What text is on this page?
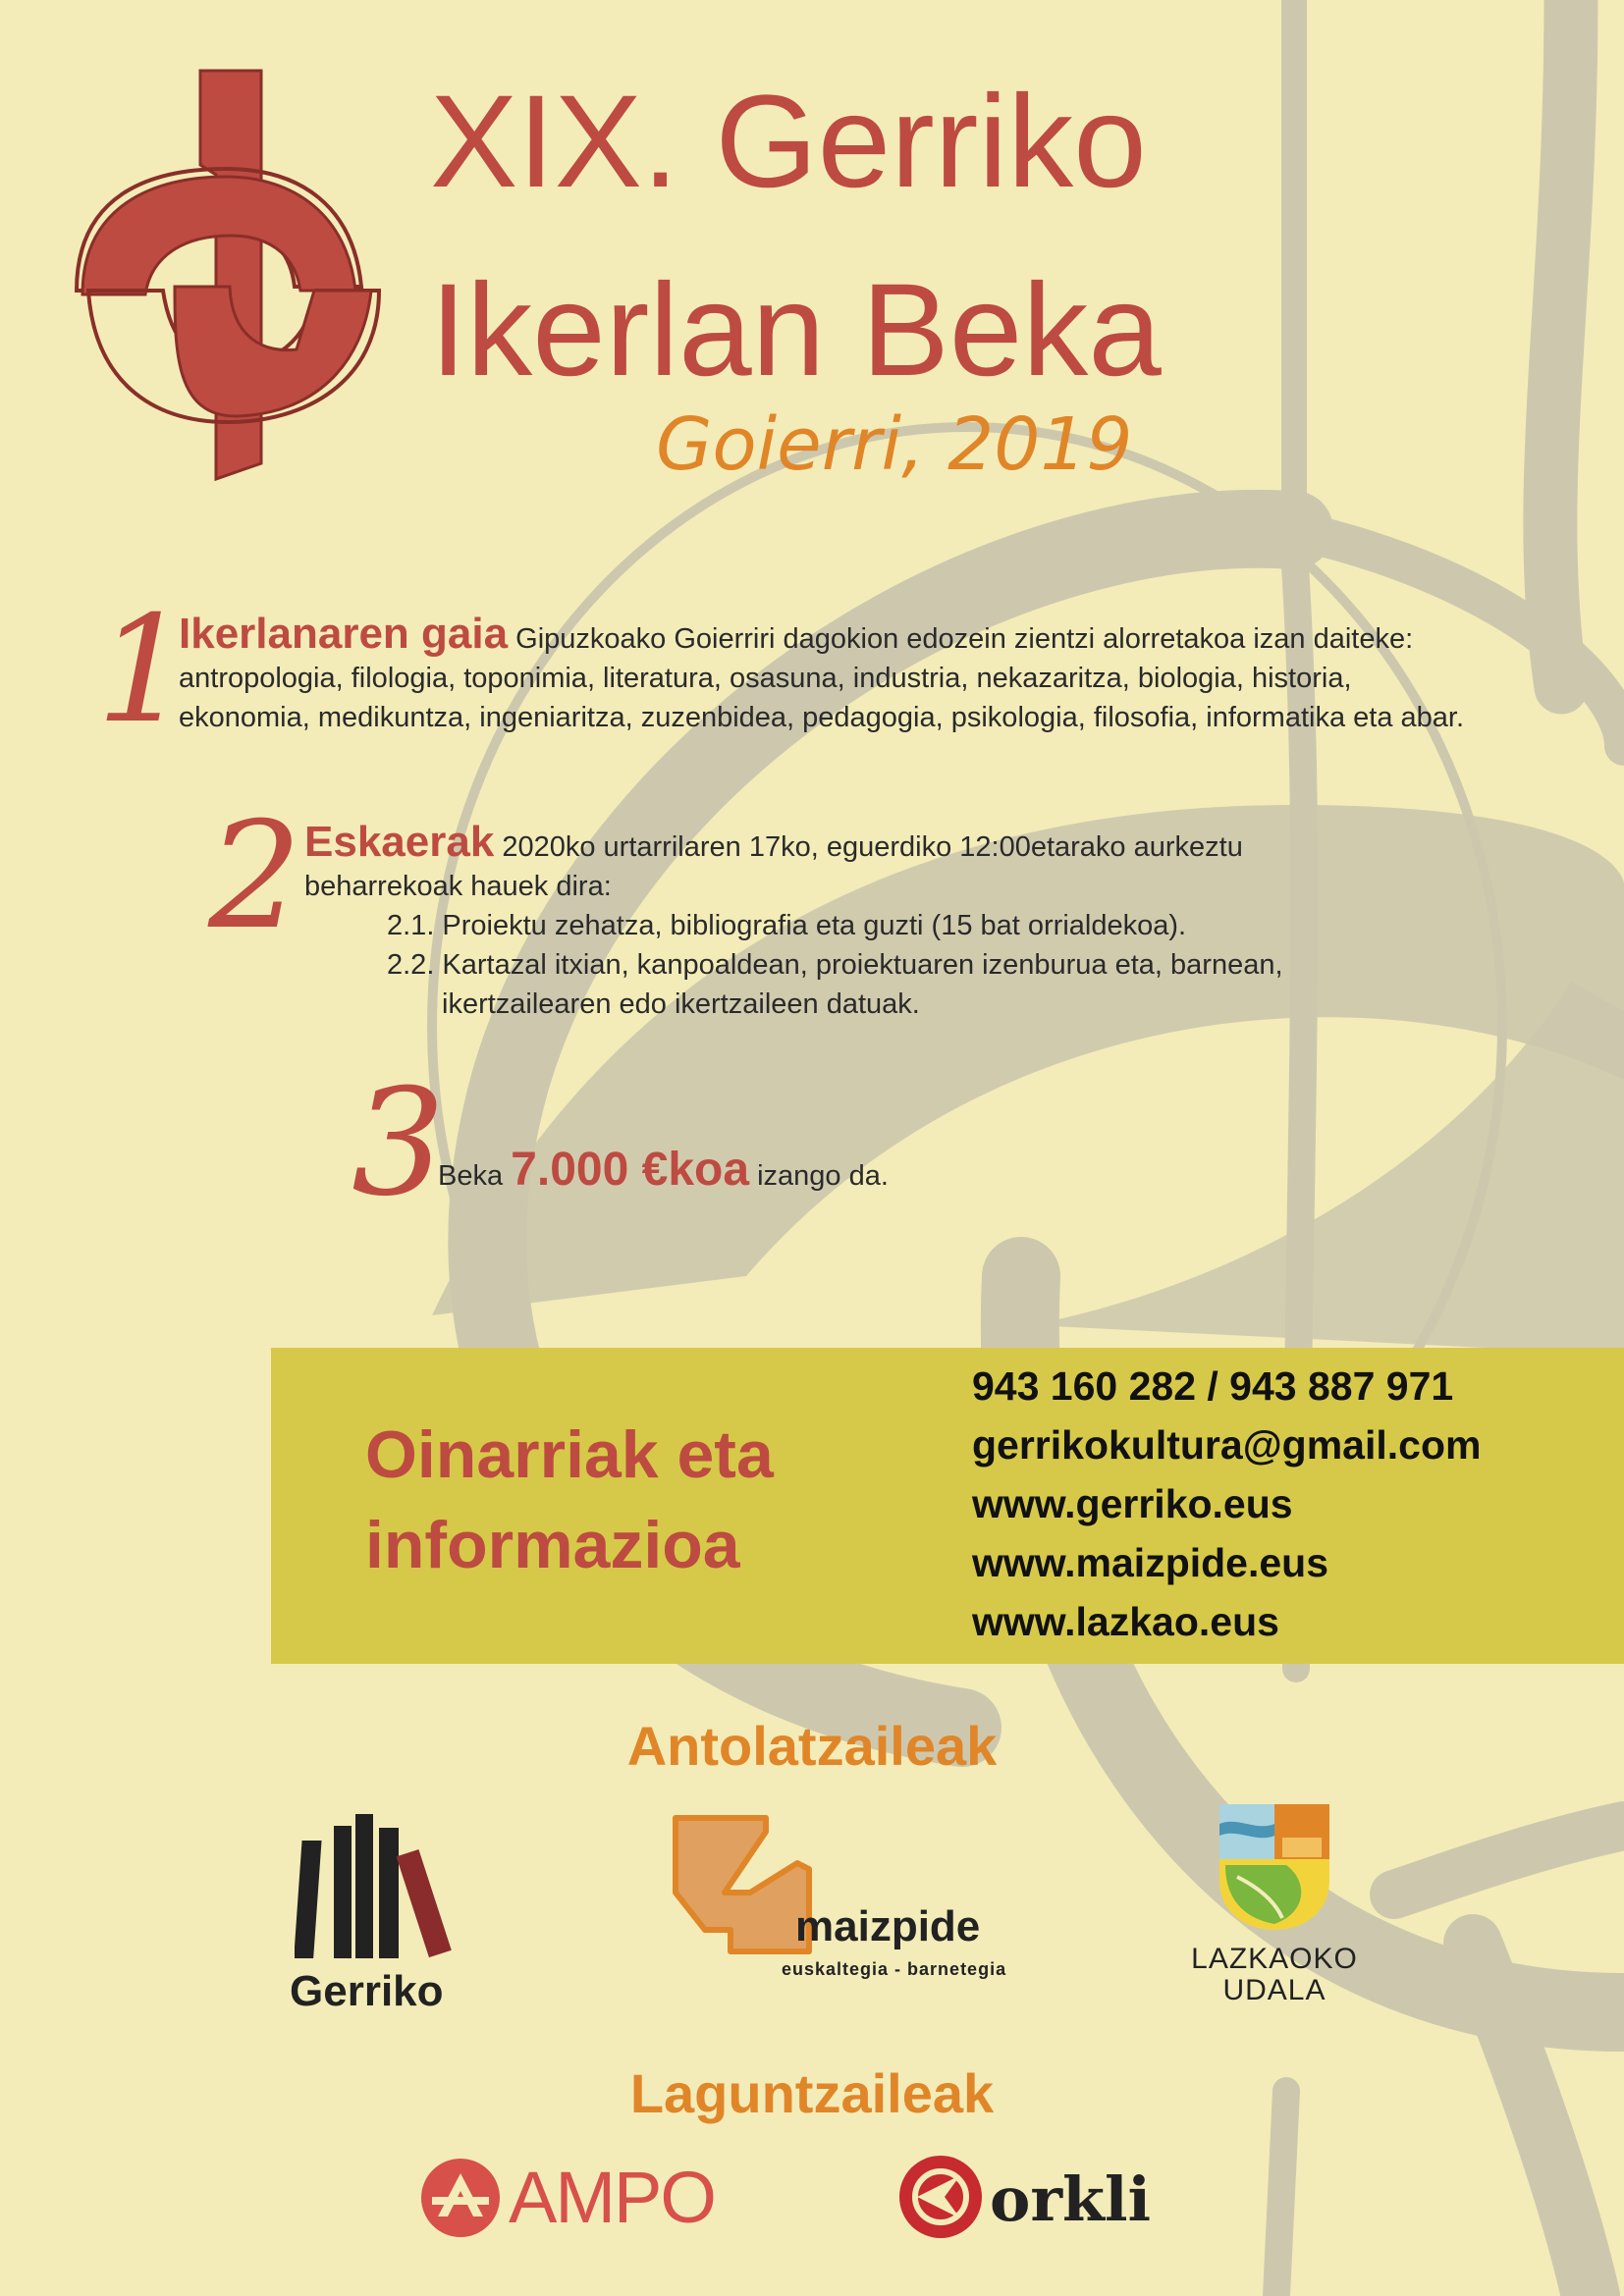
XIX. Gerriko
Ikerlan Beka
Goierri, 2019
1
Ikerlanaren gaia Gipuzkoako Goierriri dagokion edozein zientzi alorretakoa izan daiteke:
antropologia, filologia, toponimia, literatura, osasuna, industria, nekazaritza, biologia, historia,
ekonomia, medikuntza, ingeniaritza, zuzenbidea, pedagogia, psikologia, filosofia, informatika eta abar.
2 Eskaerak 2020ko urtarrilaren 17ko, eguerdiko 12:00etarako aurkeztu
beharrekoak hauek dira:
2.1. Proiektu zehatza, bibliografia eta guzti (15 bat orrialdekoa).
2.2. Kartazal itxian, kanpoaldean, proiektuaren izenburua eta, barnean,
ikertzailearen edo ikertzaileen datuak.
3
Beka 7.000 €koa izango da.
Oinarriak eta
informazioa
943 160 282 / 943 887 971
gerrikokultura@gmail.com
www.gerriko.eus
www.maizpide.eus
www.lazkao.eus
Antolatzaileak
Gerriko
maizpide
euskaltegia - barnetegia	LAZKAOKO
UDALA
Laguntzaileak
AMPO	orkli
